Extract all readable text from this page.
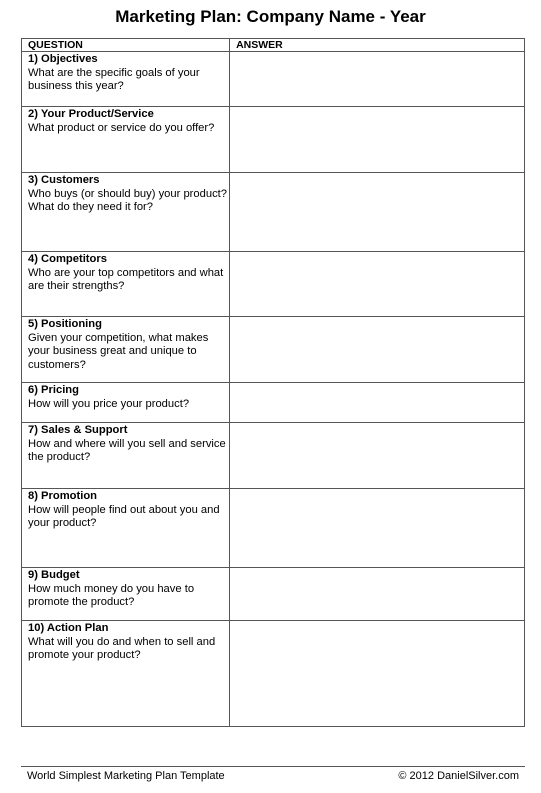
Marketing Plan: Company Name - Year
QUESTION	ANSWER

1) Objectives
What are the specific goals of your business this year?	

2) Your Product/Service
What product or service do you offer?	

3) Customers
Who buys (or should buy) your product? What do they need it for?	

4) Competitors
Who are your top competitors and what are their strengths?	

5) Positioning
Given your competition, what makes your business great and unique to customers?	

6) Pricing
How will you price your product?	

7) Sales & Support
How and where will you sell and service the product?	

8) Promotion
How will people find out about you and your product?	

9) Budget
How much money do you have to promote the product?	

10) Action Plan
What will you do and when to sell and promote your product?	

World Simplest Marketing Plan Template	© 2012 DanielSilver.com
